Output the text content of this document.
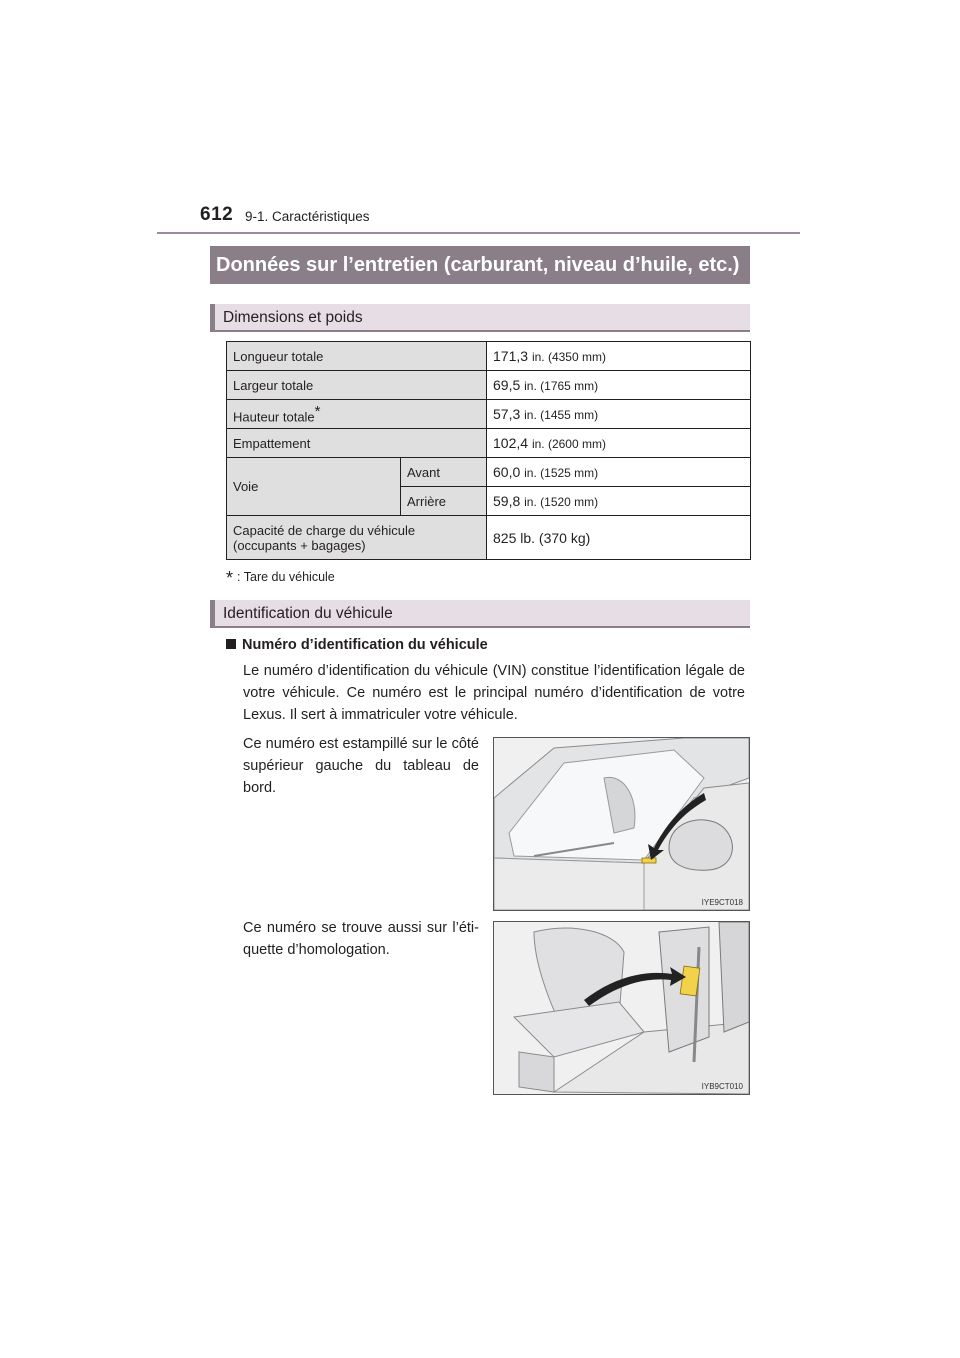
612 9-1. Caractéristiques
Données sur l’entretien (carburant, niveau d’huile, etc.)
Dimensions et poids
Longueur totale		171,3 in. (4350 mm)
Largeur totale		69,5 in. (1765 mm)
Hauteur totale*		57,3 in. (1455 mm)
Empattement		102,4 in. (2600 mm)
Voie	Avant	60,0 in. (1525 mm)
	Arrière	59,8 in. (1520 mm)
Capacité de charge du véhicule
(occupants + bagages)		825 lb. (370 kg)
* : Tare du véhicule
Identification du véhicule
Numéro d’identification du véhicule
Le numéro d’identification du véhicule (VIN) constitue l’identification légale de votre véhicule. Ce numéro est le principal numéro d’identification de votre Lexus. Il sert à immatriculer votre véhicule.
Ce numéro est estampillé sur le côté supérieur gauche du tableau de bord.
Ce numéro se trouve aussi sur l’éti-quette d’homologation.
IYE9CT018
IYB9CT010
